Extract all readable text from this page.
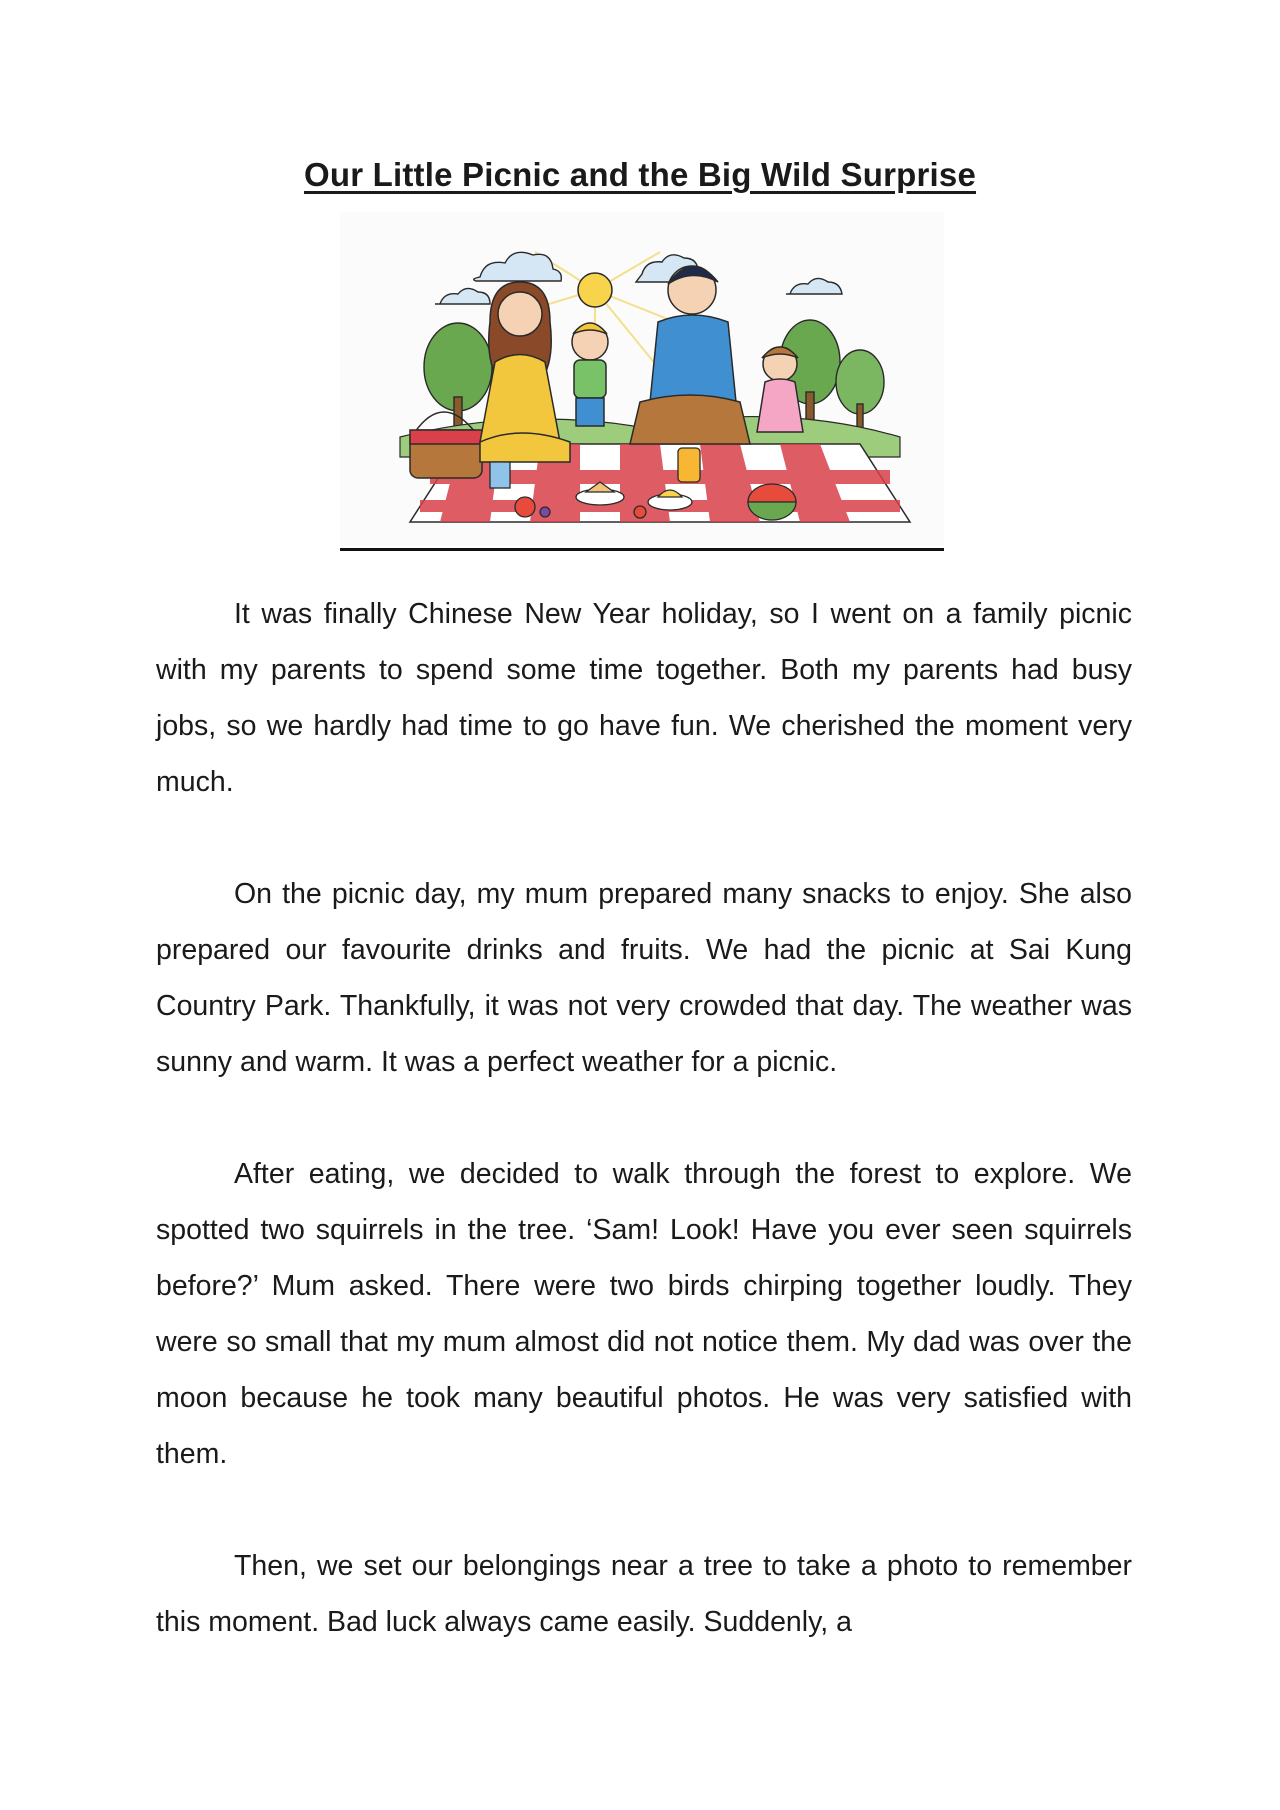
Our Little Picnic and the Big Wild Surprise

It was finally Chinese New Year holiday, so I went on a family picnic with my parents to spend some time together. Both my parents had busy jobs, so we hardly had time to go have fun. We cherished the moment very much.

On the picnic day, my mum prepared many snacks to enjoy. She also prepared our favourite drinks and fruits. We had the picnic at Sai Kung Country Park. Thankfully, it was not very crowded that day. The weather was sunny and warm. It was a perfect weather for a picnic.

After eating, we decided to walk through the forest to explore. We spotted two squirrels in the tree. ‘Sam! Look! Have you ever seen squirrels before?’ Mum asked. There were two birds chirping together loudly. They were so small that my mum almost did not notice them. My dad was over the moon because he took many beautiful photos. He was very satisfied with them.

Then, we set our belongings near a tree to take a photo to remember this moment. Bad luck always came easily. Suddenly, a
